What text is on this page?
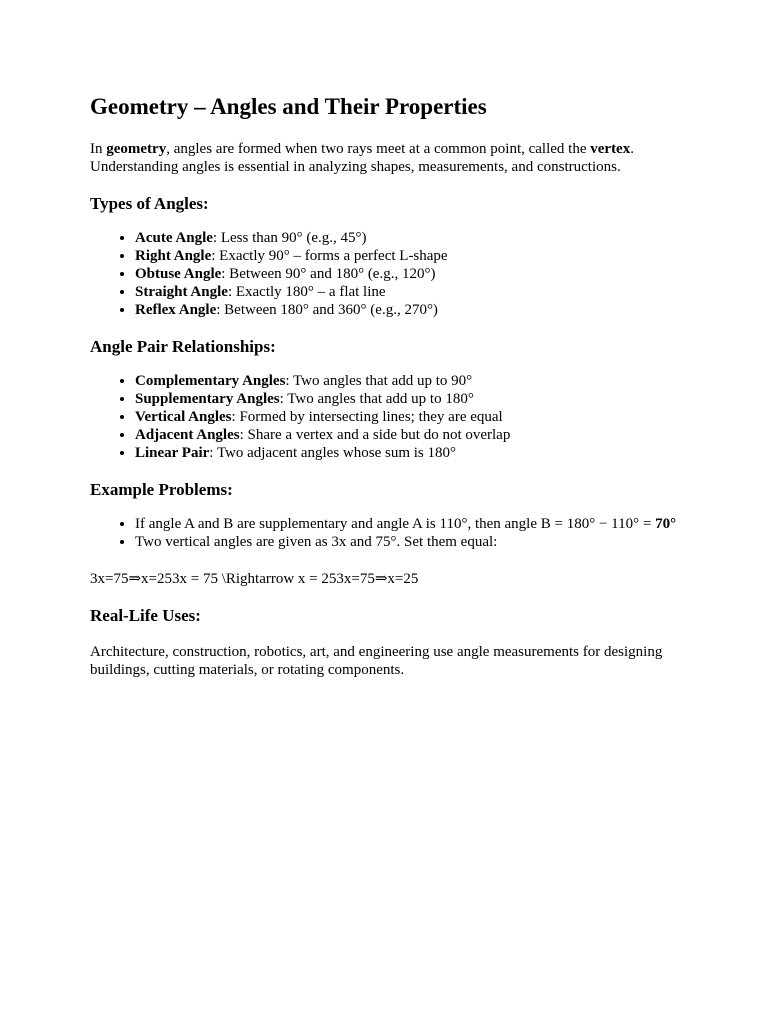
Geometry – Angles and Their Properties

In geometry, angles are formed when two rays meet at a common point, called the vertex. Understanding angles is essential in analyzing shapes, measurements, and constructions.

Types of Angles:
• Acute Angle: Less than 90° (e.g., 45°)
• Right Angle: Exactly 90° – forms a perfect L-shape
• Obtuse Angle: Between 90° and 180° (e.g., 120°)
• Straight Angle: Exactly 180° – a flat line
• Reflex Angle: Between 180° and 360° (e.g., 270°)
Angle Pair Relationships:
• Complementary Angles: Two angles that add up to 90°
• Supplementary Angles: Two angles that add up to 180°
• Vertical Angles: Formed by intersecting lines; they are equal
• Adjacent Angles: Share a vertex and a side but do not overlap
• Linear Pair: Two adjacent angles whose sum is 180°
Example Problems:
• If angle A and B are supplementary and angle A is 110°, then angle B = 180° − 110° = 70°
• Two vertical angles are given as 3x and 75°. Set them equal:

3x=75⇒x=253x = 75 \Rightarrow x = 253x=75⇒x=25

Real-Life Uses:

Architecture, construction, robotics, art, and engineering use angle measurements for designing buildings, cutting materials, or rotating components.
